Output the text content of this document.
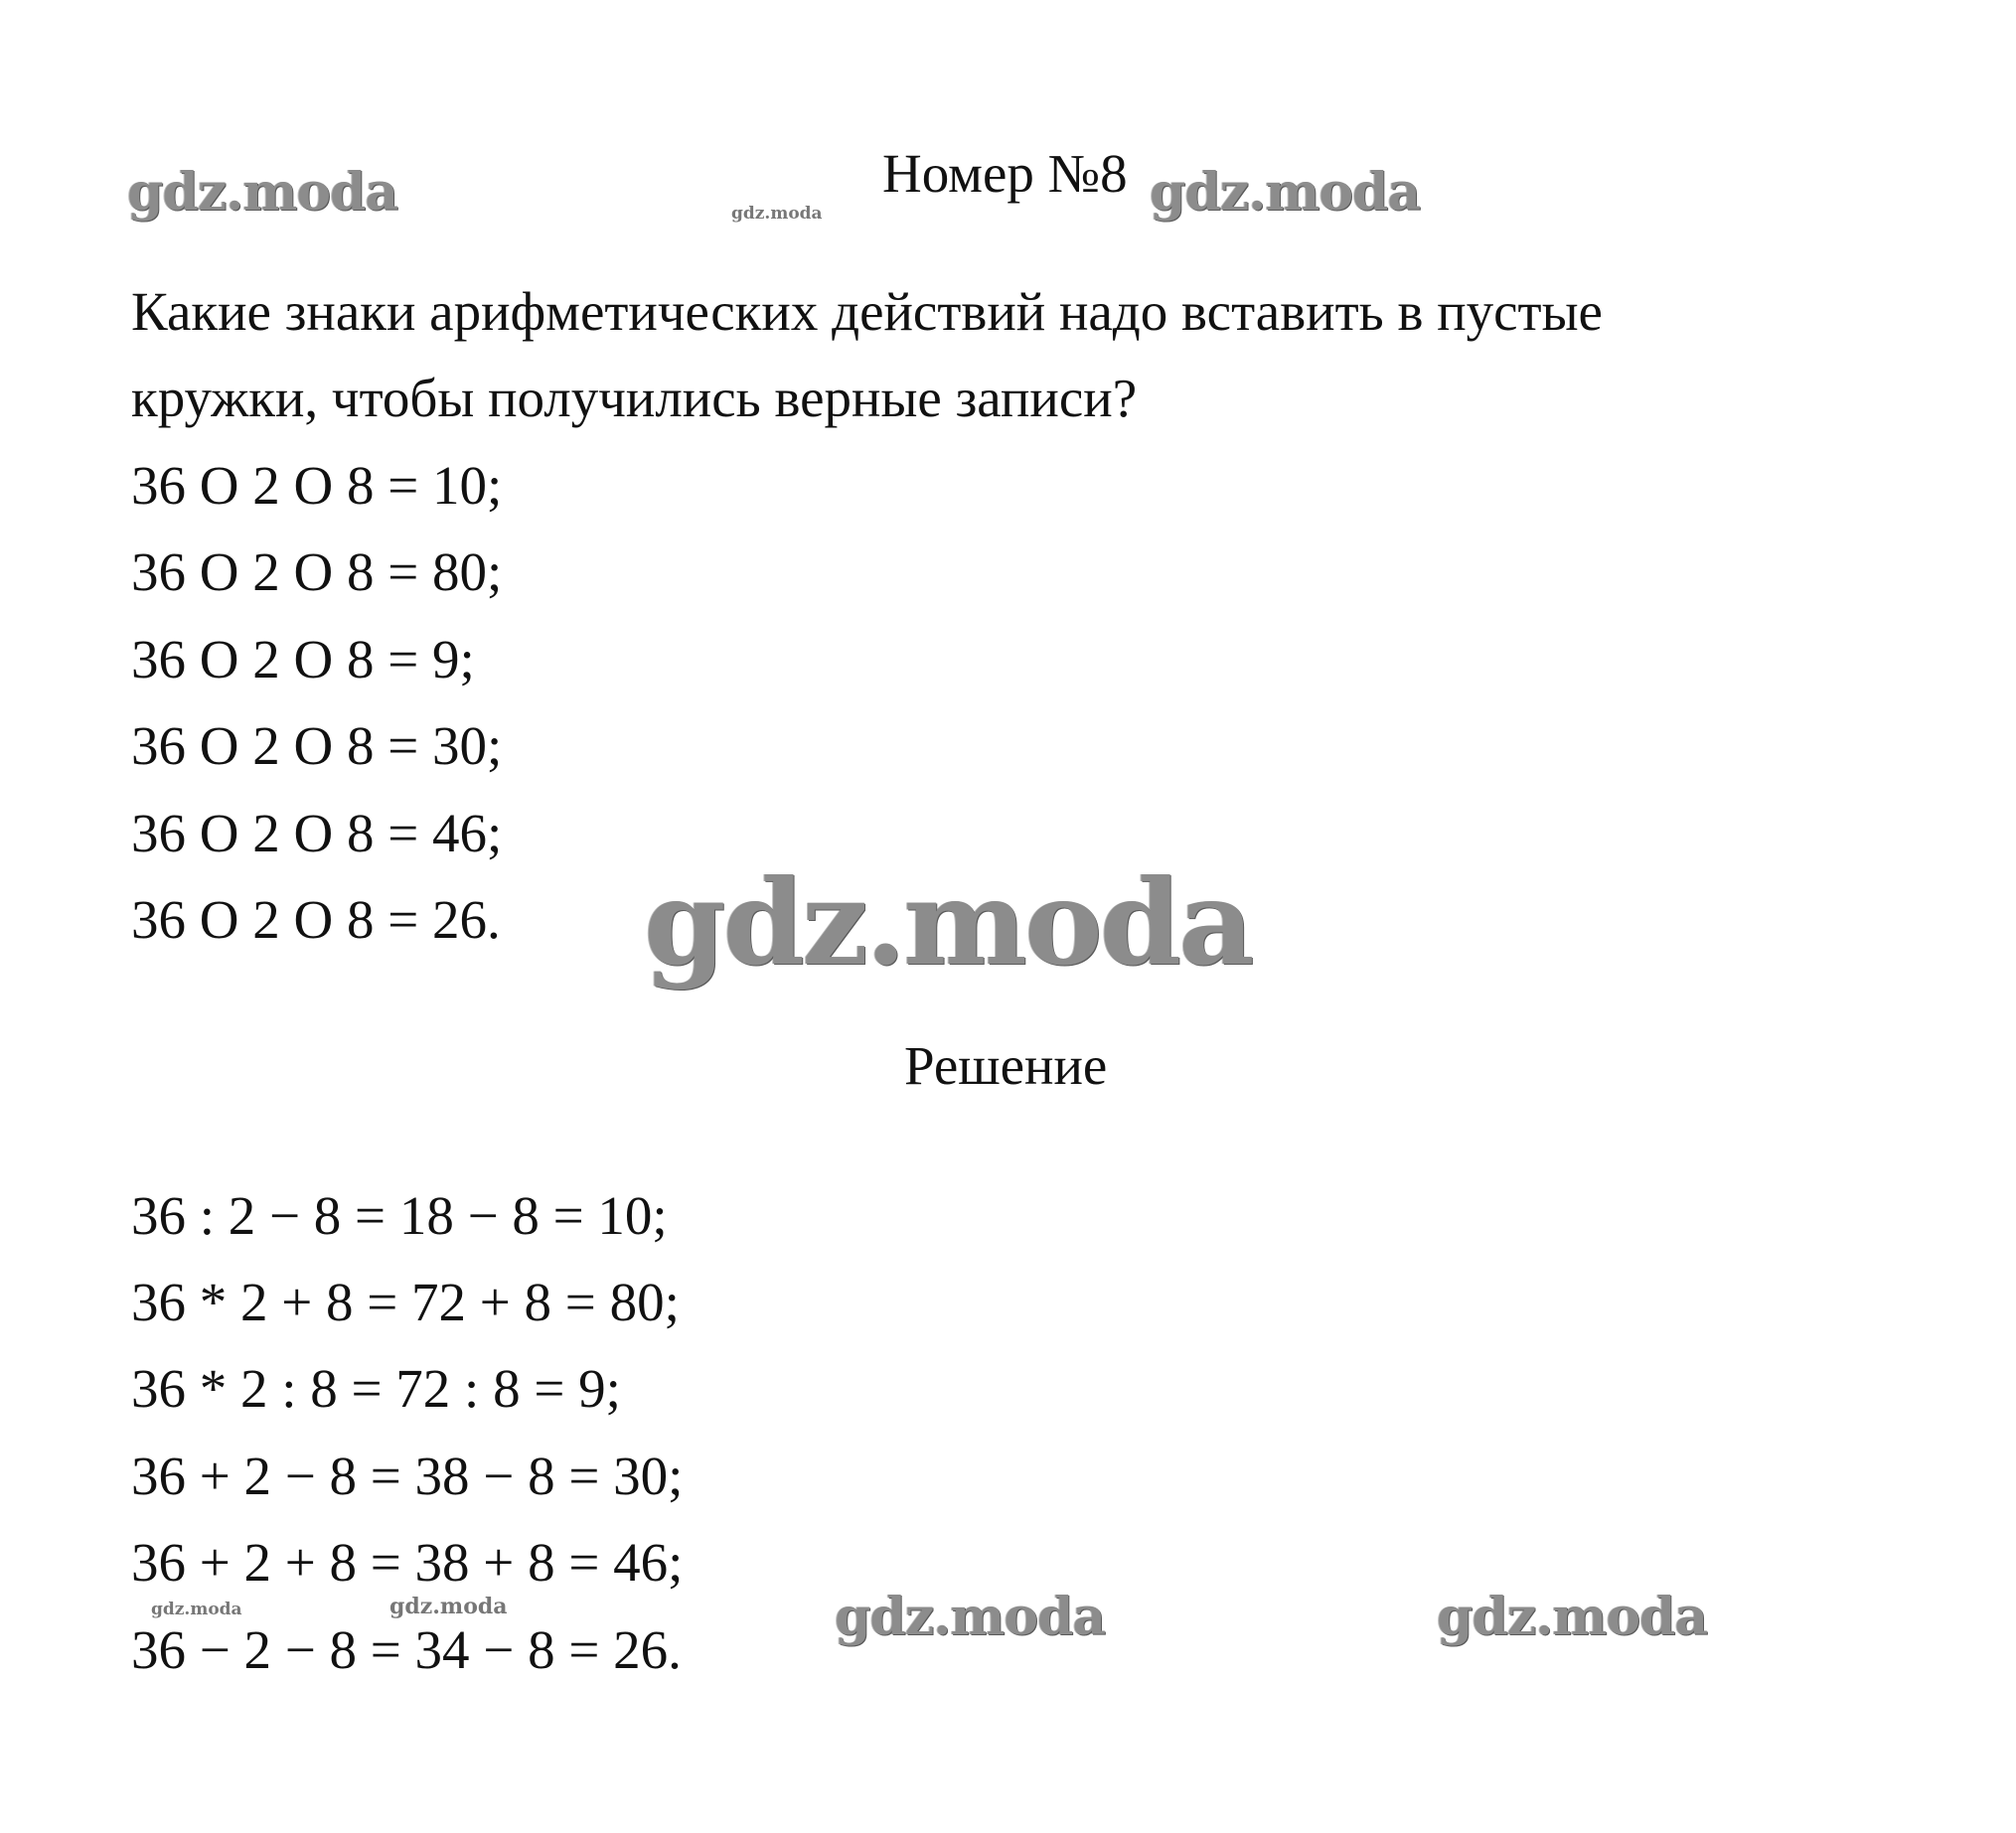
gdz.moda	gdz.moda	gdz.moda
gdz.moda
gdz.moda	gdz.moda	gdz.moda	gdz.moda
Номер №8
Какие знаки арифметических действий надо вставить в пустые
кружки, чтобы получились верные записи?
36 О 2 О 8 = 10;
36 О 2 О 8 = 80;
36 О 2 О 8 = 9;
36 О 2 О 8 = 30;
36 О 2 О 8 = 46;
36 О 2 О 8 = 26.
Решение
36 : 2 − 8 = 18 − 8 = 10;
36 * 2 + 8 = 72 + 8 = 80;
36 * 2 : 8 = 72 : 8 = 9;
36 + 2 − 8 = 38 − 8 = 30;
36 + 2 + 8 = 38 + 8 = 46;
36 − 2 − 8 = 34 − 8 = 26.
